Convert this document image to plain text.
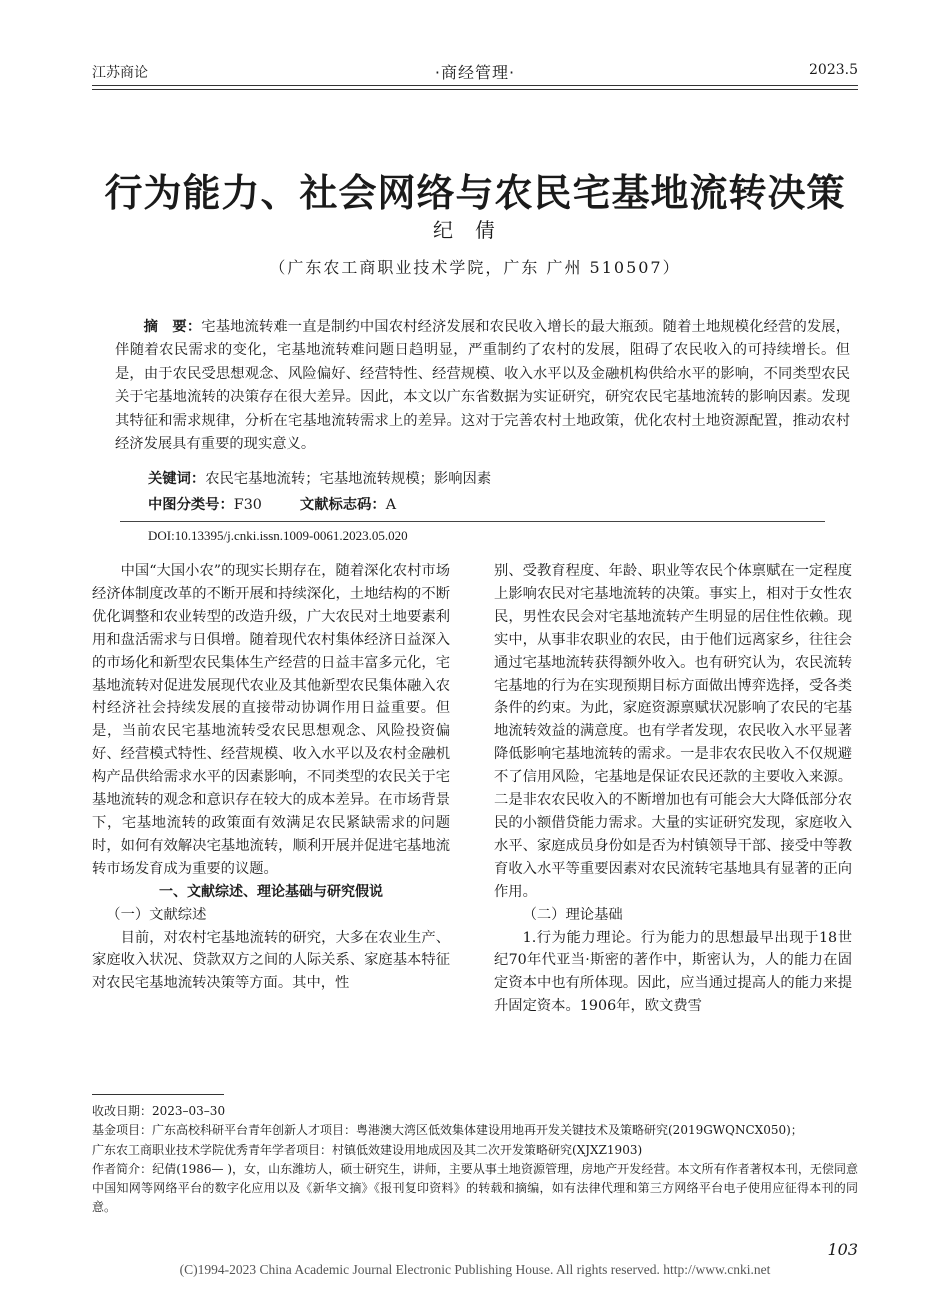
江苏商论	·商经管理·	2023.5
行为能力、社会网络与农民宅基地流转决策
纪倩
（广东农工商职业技术学院，广东 广州 510507）
摘　要：宅基地流转难一直是制约中国农村经济发展和农民收入增长的最大瓶颈。随着土地规模化经营的发展，伴随着农民需求的变化，宅基地流转难问题日趋明显，严重制约了农村的发展，阻碍了农民收入的可持续增长。但是，由于农民受思想观念、风险偏好、经营特性、经营规模、收入水平以及金融机构供给水平的影响，不同类型农民关于宅基地流转的决策存在很大差异。因此，本文以广东省数据为实证研究，研究农民宅基地流转的影响因素。发现其特征和需求规律，分析在宅基地流转需求上的差异。这对于完善农村土地政策，优化农村土地资源配置，推动农村经济发展具有重要的现实意义。
关键词：农民宅基地流转；宅基地流转规模；影响因素
中图分类号：F30	文献标志码：A
DOI:10.13395/j.cnki.issn.1009-0061.2023.05.020

中国“大国小农”的现实长期存在，随着深化农村市场经济体制度改革的不断开展和持续深化，土地结构的不断优化调整和农业转型的改造升级，广大农民对土地要素利用和盘活需求与日俱增。随着现代农村集体经济日益深入的市场化和新型农民集体生产经营的日益丰富多元化，宅基地流转对促进发展现代农业及其他新型农民集体融入农村经济社会持续发展的直接带动协调作用日益重要。但是，当前农民宅基地流转受农民思想观念、风险投资偏好、经营模式特性、经营规模、收入水平以及农村金融机构产品供给需求水平的因素影响，不同类型的农民关于宅基地流转的观念和意识存在较大的成本差异。在市场背景下，宅基地流转的政策面有效满足农民紧缺需求的问题时，如何有效解决宅基地流转，顺利开展并促进宅基地流转市场发育成为重要的议题。

一、文献综述、理论基础与研究假说

（一）文献综述

目前，对农村宅基地流转的研究，大多在农业生产、家庭收入状况、贷款双方之间的人际关系、家庭基本特征对农民宅基地流转决策等方面。其中，性

别、受教育程度、年龄、职业等农民个体禀赋在一定程度上影响农民对宅基地流转的决策。事实上，相对于女性农民，男性农民会对宅基地流转产生明显的居住性依赖。现实中，从事非农职业的农民，由于他们远离家乡，往往会通过宅基地流转获得额外收入。也有研究认为，农民流转宅基地的行为在实现预期目标方面做出博弈选择，受各类条件的约束。为此，家庭资源禀赋状况影响了农民的宅基地流转效益的满意度。也有学者发现，农民收入水平显著降低影响宅基地流转的需求。一是非农农民收入不仅规避不了信用风险，宅基地是保证农民还款的主要收入来源。二是非农农民收入的不断增加也有可能会大大降低部分农民的小额借贷能力需求。大量的实证研究发现，家庭收入水平、家庭成员身份如是否为村镇领导干部、接受中等教育收入水平等重要因素对农民流转宅基地具有显著的正向作用。

（二）理论基础

1.行为能力理论。行为能力的思想最早出现于18世纪70年代亚当·斯密的著作中，斯密认为，人的能力在固定资本中也有所体现。因此，应当通过提高人的能力来提升固定资本。1906年，欧文费雪

收改日期：2023–03–30

基金项目：广东高校科研平台青年创新人才项目：粤港澳大湾区低效集体建设用地再开发关键技术及策略研究(2019GWQNCX050)；

广东农工商职业技术学院优秀青年学者项目：村镇低效建设用地成因及其二次开发策略研究(XJXZ1903)

作者简介：纪倩(1986— )，女，山东潍坊人，硕士研究生，讲师，主要从事土地资源管理，房地产开发经营。本文所有作者著权本刊，无偿同意中国知网等网络平台的数字化应用以及《新华文摘》《报刊复印资料》的转载和摘编，如有法律代理和第三方网络平台电子使用应征得本刊的同意。

103
(C)1994-2023 China Academic Journal Electronic Publishing House. All rights reserved. http://www.cnki.net
